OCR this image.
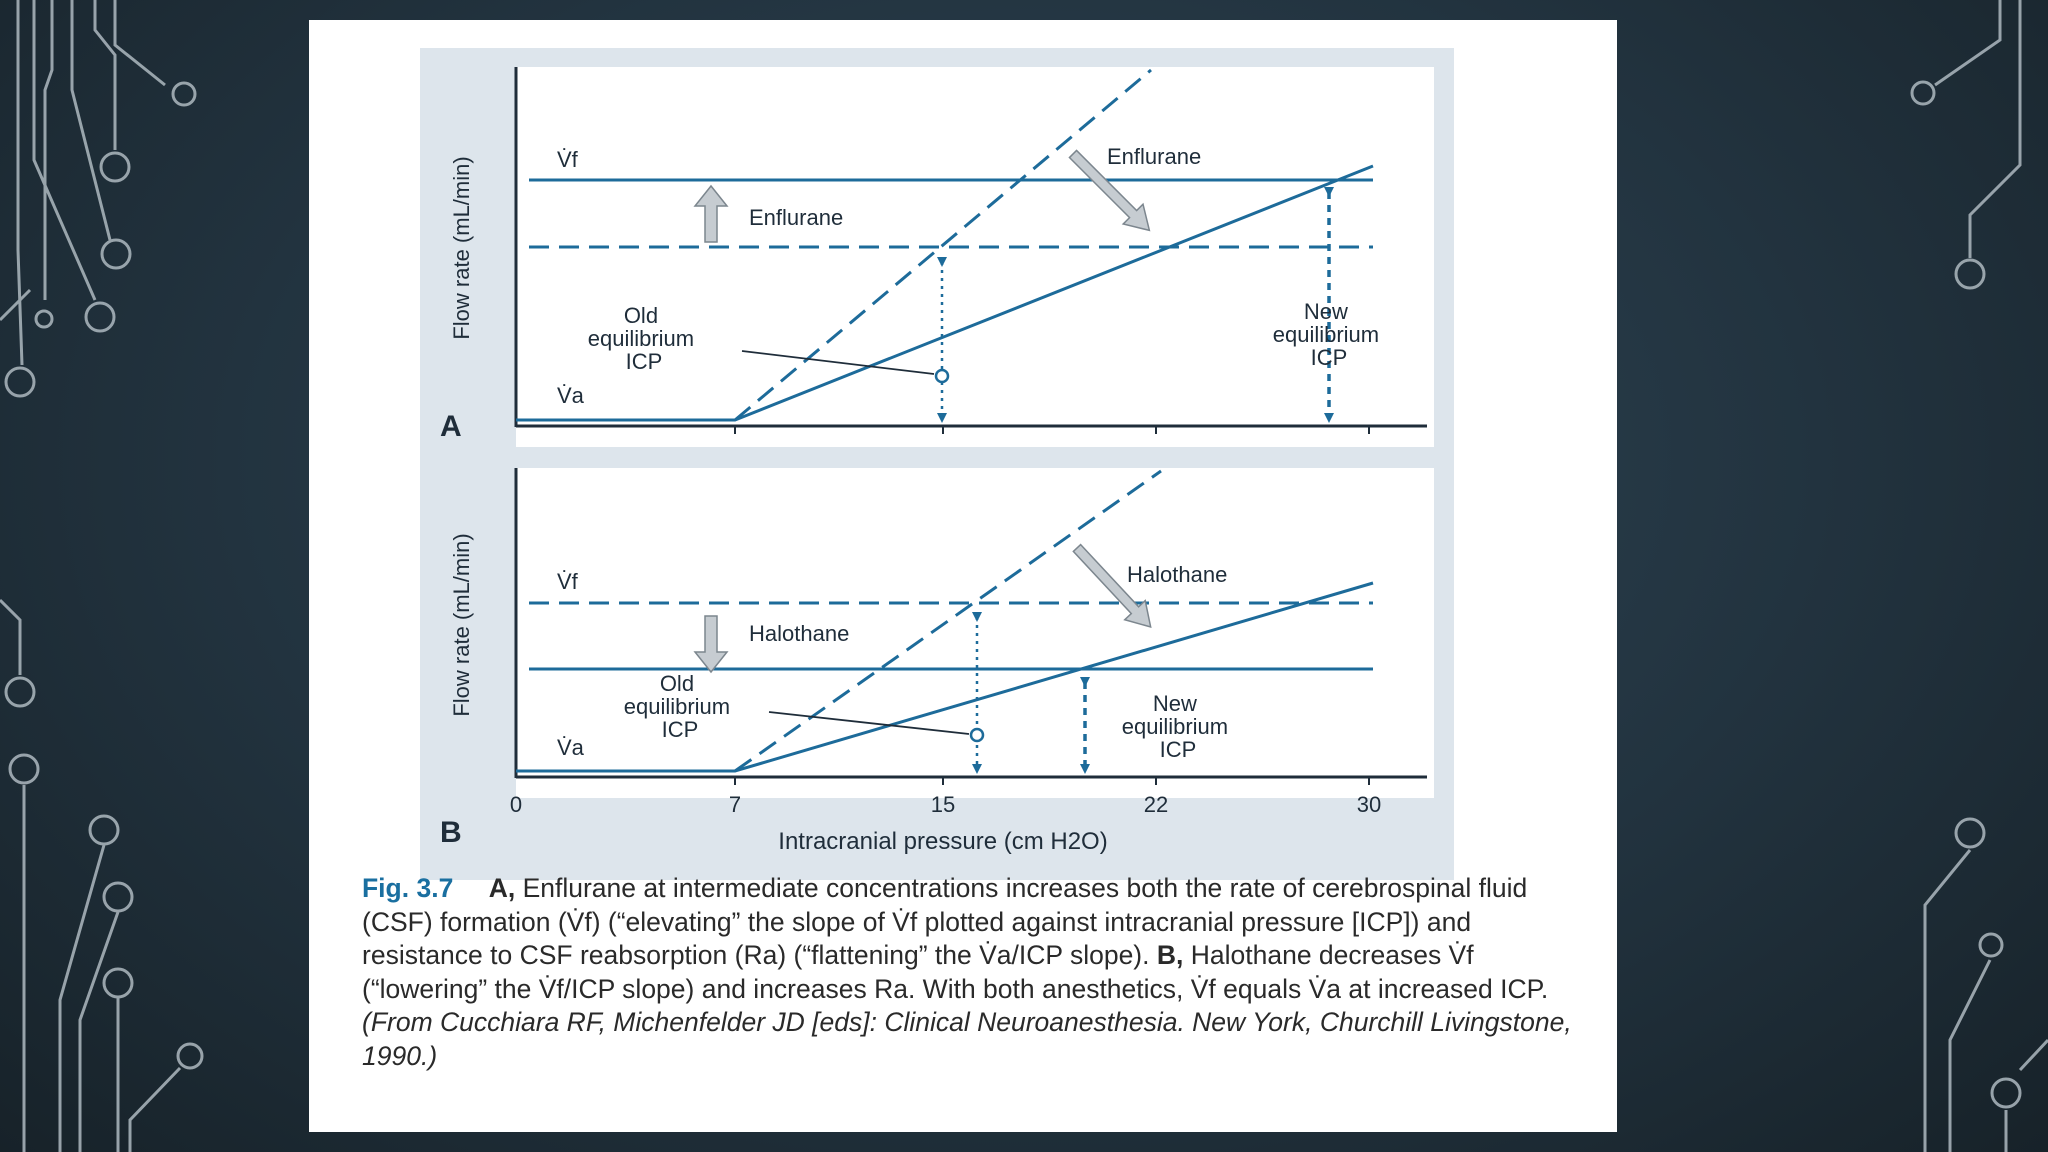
Flow rate (mL/min)	V̇f
V̇a
Enflurane
Enflurane
Old equilibrium ICP
New equilibrium ICP
A
Flow rate (mL/min)	V̇f
V̇a
Halothane
Halothane
Old equilibrium ICP
New equilibrium ICP
B
0	7	15	22	30
Intracranial pressure (cm H2O)

Fig. 3.7 A, Enflurane at intermediate concentrations increases both the rate of cerebrospinal fluid (CSF) formation (V̇f) (“elevating” the slope of V̇f plotted against intracranial pressure [ICP]) and resistance to CSF reabsorption (Ra) (“flattening” the V̇a/ICP slope). B, Halothane decreases V̇f (“lowering” the V̇f/ICP slope) and increases Ra. With both anesthetics, V̇f equals V̇a at increased ICP. (From Cucchiara RF, Michenfelder JD [eds]: Clinical Neuroanesthesia. New York, Churchill Livingstone, 1990.)
